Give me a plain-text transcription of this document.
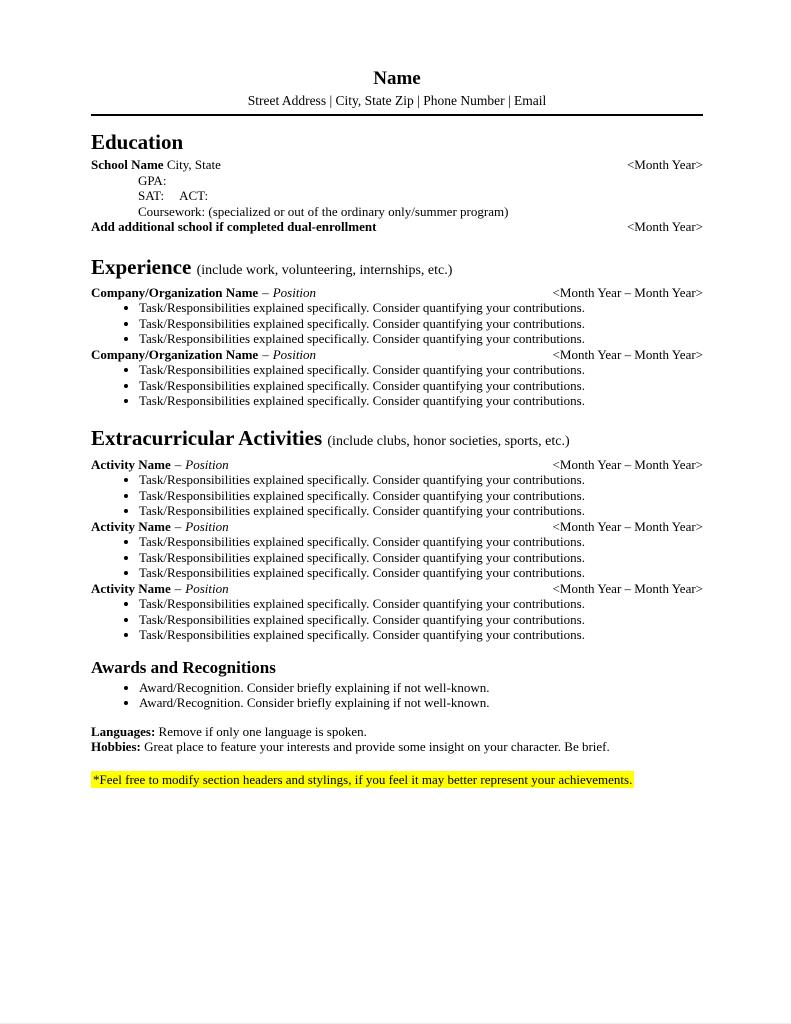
Name
Street Address | City, State Zip | Phone Number | Email
Education
School Name City, State	<Month Year>
GPA:
SAT: ACT:
Coursework: (specialized or out of the ordinary only/summer program)
Add additional school if completed dual-enrollment	<Month Year>
Experience (include work, volunteering, internships, etc.)
Company/Organization Name – Position	<Month Year – Month Year>
• Task/Responsibilities explained specifically. Consider quantifying your contributions.
• Task/Responsibilities explained specifically. Consider quantifying your contributions.
• Task/Responsibilities explained specifically. Consider quantifying your contributions.
Company/Organization Name – Position	<Month Year – Month Year>
• Task/Responsibilities explained specifically. Consider quantifying your contributions.
• Task/Responsibilities explained specifically. Consider quantifying your contributions.
• Task/Responsibilities explained specifically. Consider quantifying your contributions.
Extracurricular Activities (include clubs, honor societies, sports, etc.)
Activity Name – Position	<Month Year – Month Year>
• Task/Responsibilities explained specifically. Consider quantifying your contributions.
• Task/Responsibilities explained specifically. Consider quantifying your contributions.
• Task/Responsibilities explained specifically. Consider quantifying your contributions.
Activity Name – Position	<Month Year – Month Year>
• Task/Responsibilities explained specifically. Consider quantifying your contributions.
• Task/Responsibilities explained specifically. Consider quantifying your contributions.
• Task/Responsibilities explained specifically. Consider quantifying your contributions.
Activity Name – Position	<Month Year – Month Year>
• Task/Responsibilities explained specifically. Consider quantifying your contributions.
• Task/Responsibilities explained specifically. Consider quantifying your contributions.
• Task/Responsibilities explained specifically. Consider quantifying your contributions.
Awards and Recognitions
• Award/Recognition. Consider briefly explaining if not well-known.
• Award/Recognition. Consider briefly explaining if not well-known.
Languages: Remove if only one language is spoken.
Hobbies: Great place to feature your interests and provide some insight on your character. Be brief.
*Feel free to modify section headers and stylings, if you feel it may better represent your achievements.
